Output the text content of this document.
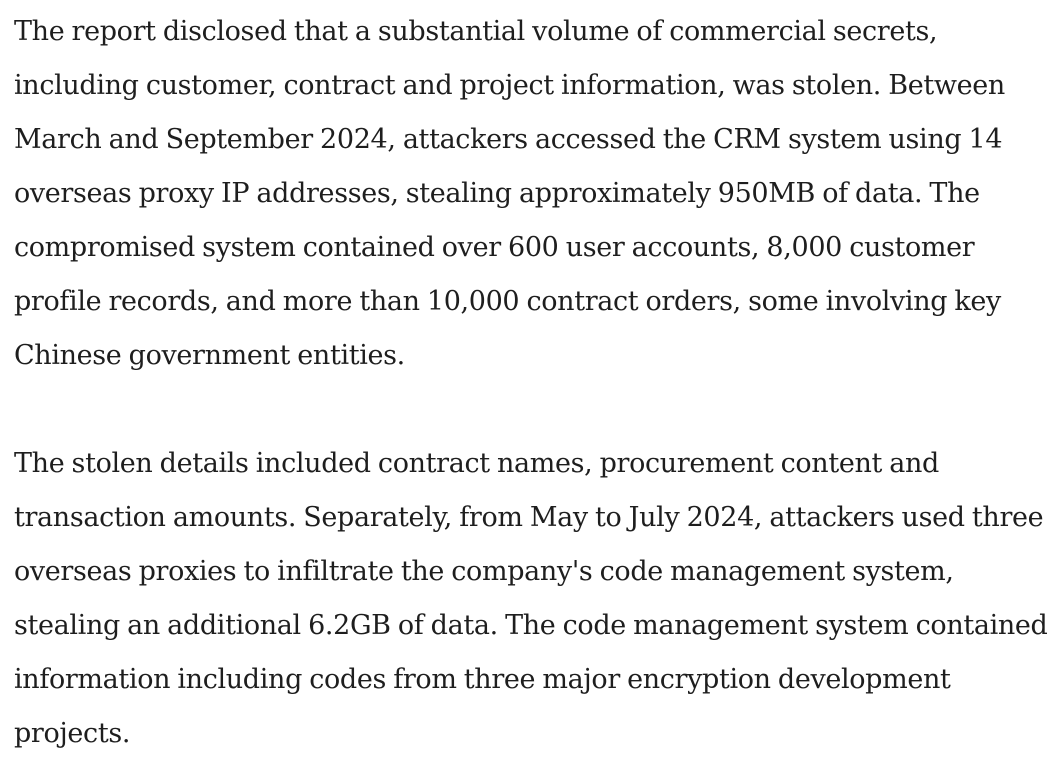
The report disclosed that a substantial volume of commercial secrets,
including customer, contract and project information, was stolen. Between
March and September 2024, attackers accessed the CRM system using 14
overseas proxy IP addresses, stealing approximately 950MB of data. The
compromised system contained over 600 user accounts, 8,000 customer
profile records, and more than 10,000 contract orders, some involving key
Chinese government entities.

The stolen details included contract names, procurement content and
transaction amounts. Separately, from May to July 2024, attackers used three
overseas proxies to infiltrate the company's code management system,
stealing an additional 6.2GB of data. The code management system contained
information including codes from three major encryption development
projects.
